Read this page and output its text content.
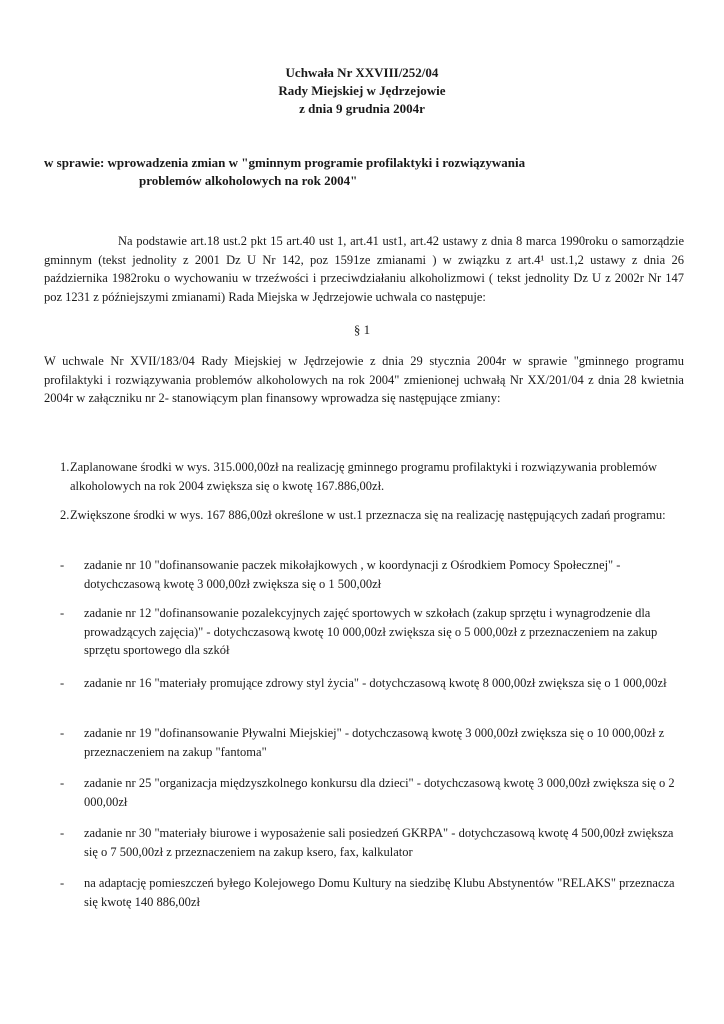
Uchwała Nr XXVIII/252/04
Rady Miejskiej w Jędrzejowie
z dnia 9 grudnia 2004r
w sprawie: wprowadzenia zmian w "gminnym programie profilaktyki i rozwiązywania
problemów alkoholowych na rok 2004"
Na podstawie art.18 ust.2 pkt 15 art.40 ust 1, art.41 ust1, art.42 ustawy z dnia 8 marca 1990roku o samorządzie gminnym (tekst jednolity z 2001 Dz U Nr 142, poz 1591ze zmianami ) w związku z art.4¹ ust.1,2 ustawy z dnia 26 października 1982roku o wychowaniu w trzeźwości i przeciwdziałaniu alkoholizmowi ( tekst jednolity Dz U z 2002r Nr 147 poz 1231 z późniejszymi zmianami) Rada Miejska w Jędrzejowie uchwala co następuje:
§ 1
W uchwale Nr XVII/183/04 Rady Miejskiej w Jędrzejowie z dnia 29 stycznia 2004r w sprawie "gminnego programu profilaktyki i rozwiązywania problemów alkoholowych na rok 2004" zmienionej uchwałą Nr XX/201/04 z dnia 28 kwietnia 2004r w załączniku nr 2- stanowiącym plan finansowy wprowadza się następujące zmiany:
1. Zaplanowane środki w wys. 315.000,00zł na realizację gminnego programu profilaktyki i rozwiązywania problemów alkoholowych na rok 2004 zwiększa się o kwotę 167.886,00zł.
2. Zwiększone środki w wys. 167 886,00zł określone w ust.1 przeznacza się na realizację następujących zadań programu:
-	zadanie nr 10 "dofinansowanie paczek mikołajkowych , w koordynacji z Ośrodkiem Pomocy Społecznej" - dotychczasową kwotę 3 000,00zł zwiększa się o 1 500,00zł
-	zadanie nr 12 "dofinansowanie pozalekcyjnych zajęć sportowych w szkołach (zakup sprzętu i wynagrodzenie dla prowadzących zajęcia)" - dotychczasową kwotę 10 000,00zł zwiększa się o 5 000,00zł z przeznaczeniem na zakup sprzętu sportowego dla szkół
-	zadanie nr 16 "materiały promujące zdrowy styl życia" - dotychczasową kwotę 8 000,00zł zwiększa się o 1 000,00zł
-	zadanie nr 19 "dofinansowanie Pływalni Miejskiej" - dotychczasową kwotę 3 000,00zł zwiększa się o 10 000,00zł z przeznaczeniem na zakup "fantoma"
-	zadanie nr 25 "organizacja międzyszkolnego konkursu dla dzieci" - dotychczasową kwotę 3 000,00zł zwiększa się o 2 000,00zł
-	zadanie nr 30 "materiały biurowe i wyposażenie sali posiedzeń GKRPA" - dotychczasową kwotę 4 500,00zł zwiększa się o 7 500,00zł z przeznaczeniem na zakup ksero, fax, kalkulator
-	na adaptację pomieszczeń byłego Kolejowego Domu Kultury na siedzibę Klubu Abstynentów "RELAKS" przeznacza się kwotę 140 886,00zł
